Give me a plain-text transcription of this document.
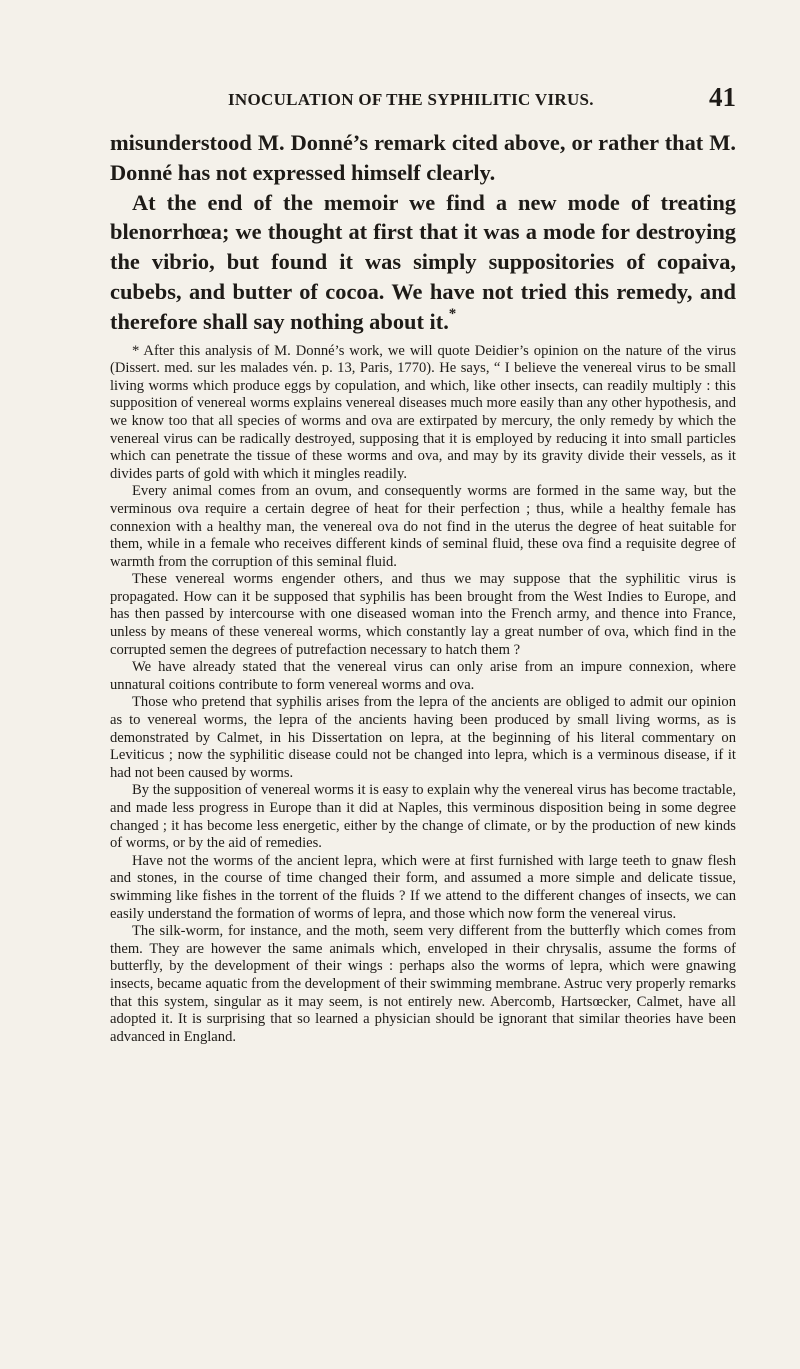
INOCULATION OF THE SYPHILITIC VIRUS.	41

misunderstood M. Donné’s remark cited above, or rather that M. Donné has not expressed himself clearly.

At the end of the memoir we find a new mode of treating blenorrhœa; we thought at first that it was a mode for destroying the vibrio, but found it was simply suppositories of copaiva, cubebs, and butter of cocoa. We have not tried this remedy, and therefore shall say nothing about it.*

* After this analysis of M. Donné’s work, we will quote Deidier’s opinion on the nature of the virus (Dissert. med. sur les malades vén. p. 13, Paris, 1770). He says, “ I believe the venereal virus to be small living worms which produce eggs by copulation, and which, like other insects, can readily multiply : this supposition of venereal worms explains venereal diseases much more easily than any other hypothesis, and we know too that all species of worms and ova are extirpated by mercury, the only remedy by which the venereal virus can be radically destroyed, supposing that it is employed by reducing it into small particles which can penetrate the tissue of these worms and ova, and may by its gravity divide their vessels, as it divides parts of gold with which it mingles readily.

Every animal comes from an ovum, and consequently worms are formed in the same way, but the verminous ova require a certain degree of heat for their perfection ; thus, while a healthy female has connexion with a healthy man, the venereal ova do not find in the uterus the degree of heat suitable for them, while in a female who receives different kinds of seminal fluid, these ova find a requisite degree of warmth from the corruption of this seminal fluid.

These venereal worms engender others, and thus we may suppose that the syphilitic virus is propagated. How can it be supposed that syphilis has been brought from the West Indies to Europe, and has then passed by intercourse with one diseased woman into the French army, and thence into France, unless by means of these venereal worms, which constantly lay a great number of ova, which find in the corrupted semen the degrees of putrefaction necessary to hatch them ?

We have already stated that the venereal virus can only arise from an impure connexion, where unnatural coitions contribute to form venereal worms and ova.

Those who pretend that syphilis arises from the lepra of the ancients are obliged to admit our opinion as to venereal worms, the lepra of the ancients having been produced by small living worms, as is demonstrated by Calmet, in his Dissertation on lepra, at the beginning of his literal commentary on Leviticus ; now the syphilitic disease could not be changed into lepra, which is a verminous disease, if it had not been caused by worms.

By the supposition of venereal worms it is easy to explain why the venereal virus has become tractable, and made less progress in Europe than it did at Naples, this verminous disposition being in some degree changed ; it has become less energetic, either by the change of climate, or by the production of new kinds of worms, or by the aid of remedies.

Have not the worms of the ancient lepra, which were at first furnished with large teeth to gnaw flesh and stones, in the course of time changed their form, and assumed a more simple and delicate tissue, swimming like fishes in the torrent of the fluids ? If we attend to the different changes of insects, we can easily understand the formation of worms of lepra, and those which now form the venereal virus.

The silk-worm, for instance, and the moth, seem very different from the butterfly which comes from them. They are however the same animals which, enveloped in their chrysalis, assume the forms of butterfly, by the development of their wings : perhaps also the worms of lepra, which were gnawing insects, became aquatic from the development of their swimming membrane. Astruc very properly remarks that this system, singular as it may seem, is not entirely new. Abercomb, Hartsœcker, Calmet, have all adopted it. It is surprising that so learned a physician should be ignorant that similar theories have been advanced in England.
